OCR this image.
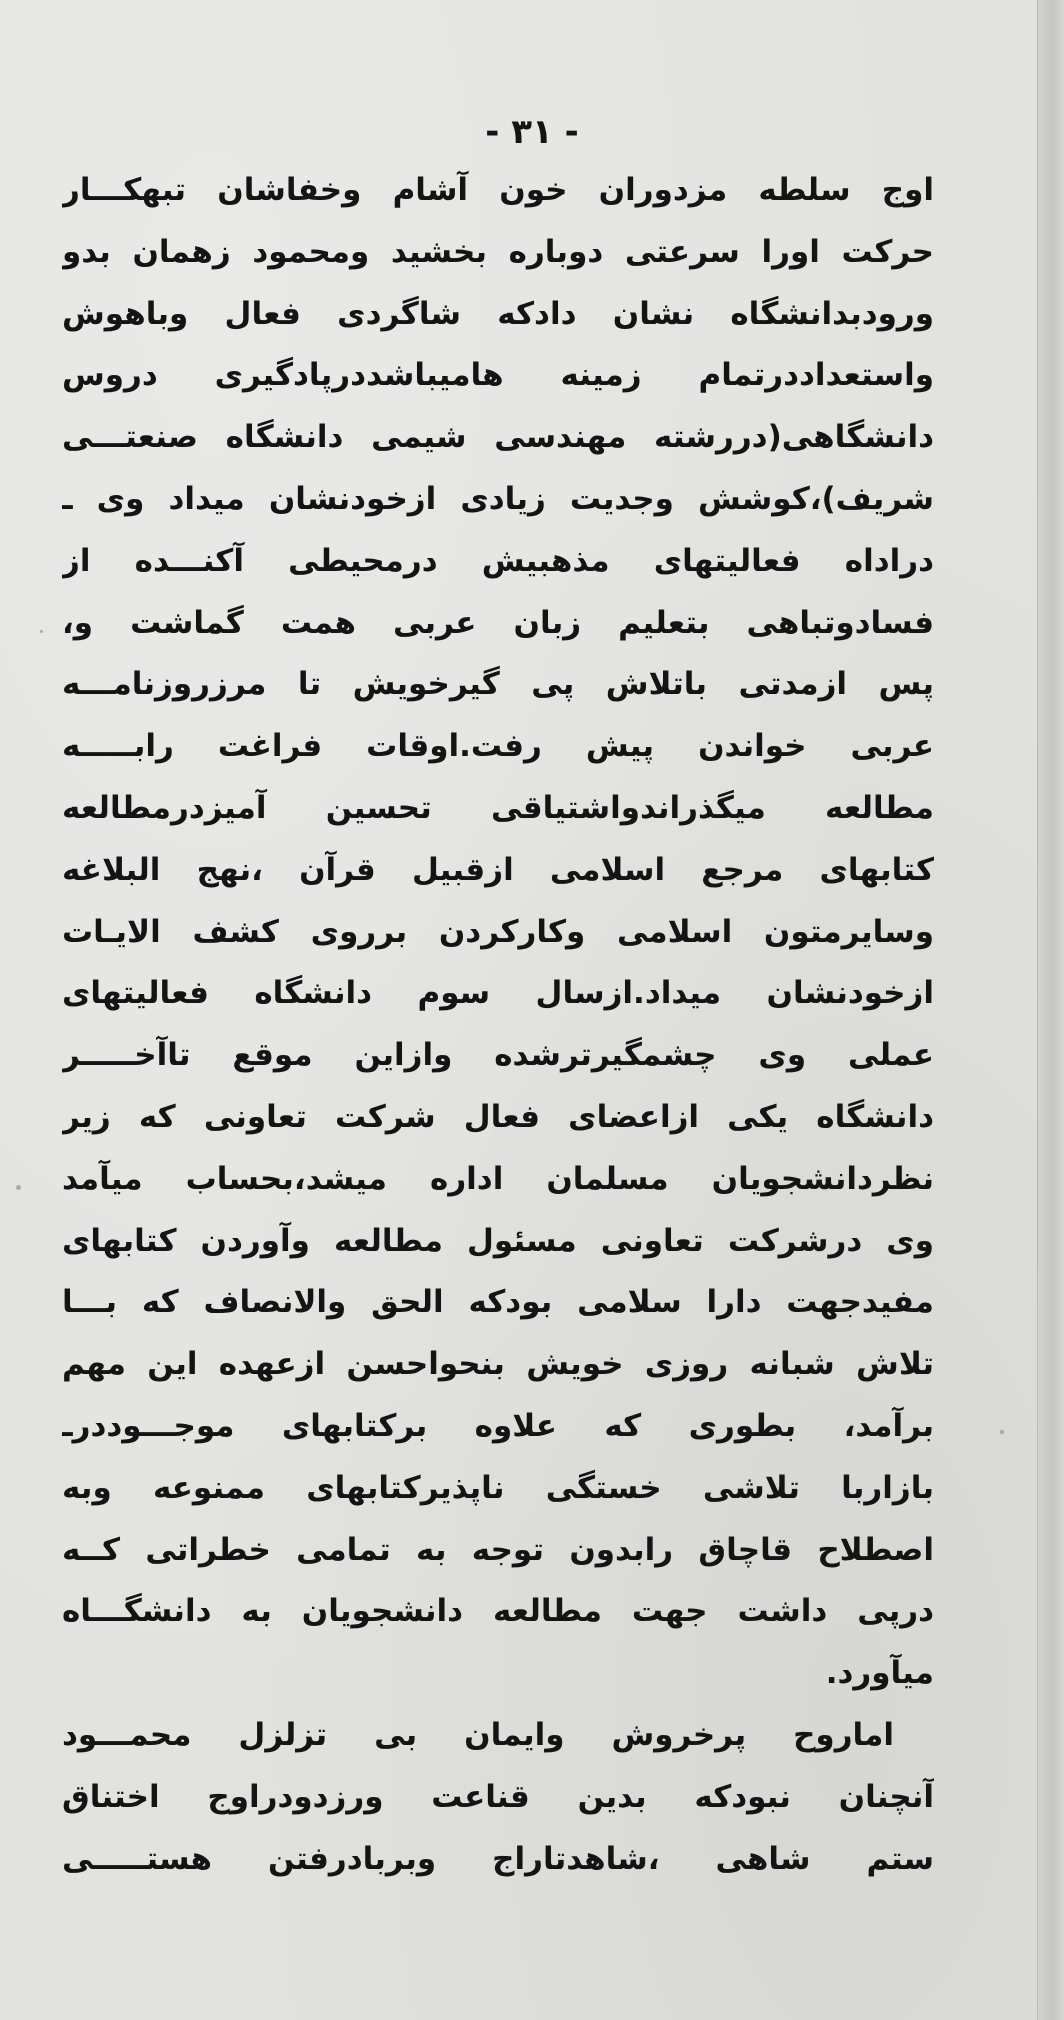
- ٣١ -
اوج سلطه مزدوران خون آشام وخفاشان تبهکـــار
حرکت اورا سرعتی دوباره بخشید ومحمود زهمان بدو
ورودبدانشگاه نشان دادکه شاگردی فعال وباهوش
واستعداددرتمام زمینه هامیباشددرپادگیری دروس
دانشگاهی(دررشته مهندسی شیمی دانشگاه صنعتـــی
شریف)،کوشش وجدیت زیادی ازخودنشان میداد وی ـ
دراداه فعالیتهای مذهبیش درمحیطی آکنـــده از
فسادوتباهی بتعلیم زبان عربی همت گماشت و،
پس ازمدتی باتلاش پی گیرخویش تا مرزروزنامـــه
عربی خواندن پیش رفت.اوقات فراغت رابـــــه
مطالعه میگذراندواشتیاقی تحسین آمیزدرمطالعه
کتابهای مرجع اسلامی ازقبیل قرآن ،نهج البلاغه
وسایرمتون اسلامی وکارکردن برروی کشف الایـات
ازخودنشان میداد.ازسال سوم دانشگاه فعالیتهای
عملی وی چشمگیرترشده وازاین موقع تاآخـــــر
دانشگاه یکی ازاعضای فعال شرکت تعاونی که زیر
نظردانشجویان مسلمان اداره میشد،بحساب میآمد
وی درشرکت تعاونی مسئول مطالعه وآوردن کتابهای
مفیدجهت دارا سلامی بودکه الحق والانصاف که بـــا
تلاش شبانه روزی خویش بنحواحسن ازعهده این مهم
برآمد، بطوری که علاوه برکتابهای موجـــوددرـ
بازاربا تلاشی خستگی ناپذیرکتابهای ممنوعه وبه
اصطلاح قاچاق رابدون توجه به تمامی خطراتی کــه
درپی داشت جهت مطالعه دانشجویان به دانشگـــاه
میآورد.
اماروح پرخروش وایمان بی تزلزل محمـــود
آنچنان نبودکه بدین قناعت ورزدودراوج اختناق
ستم شاهی ،شاهدتاراج وبربادرفتن هستـــــی
